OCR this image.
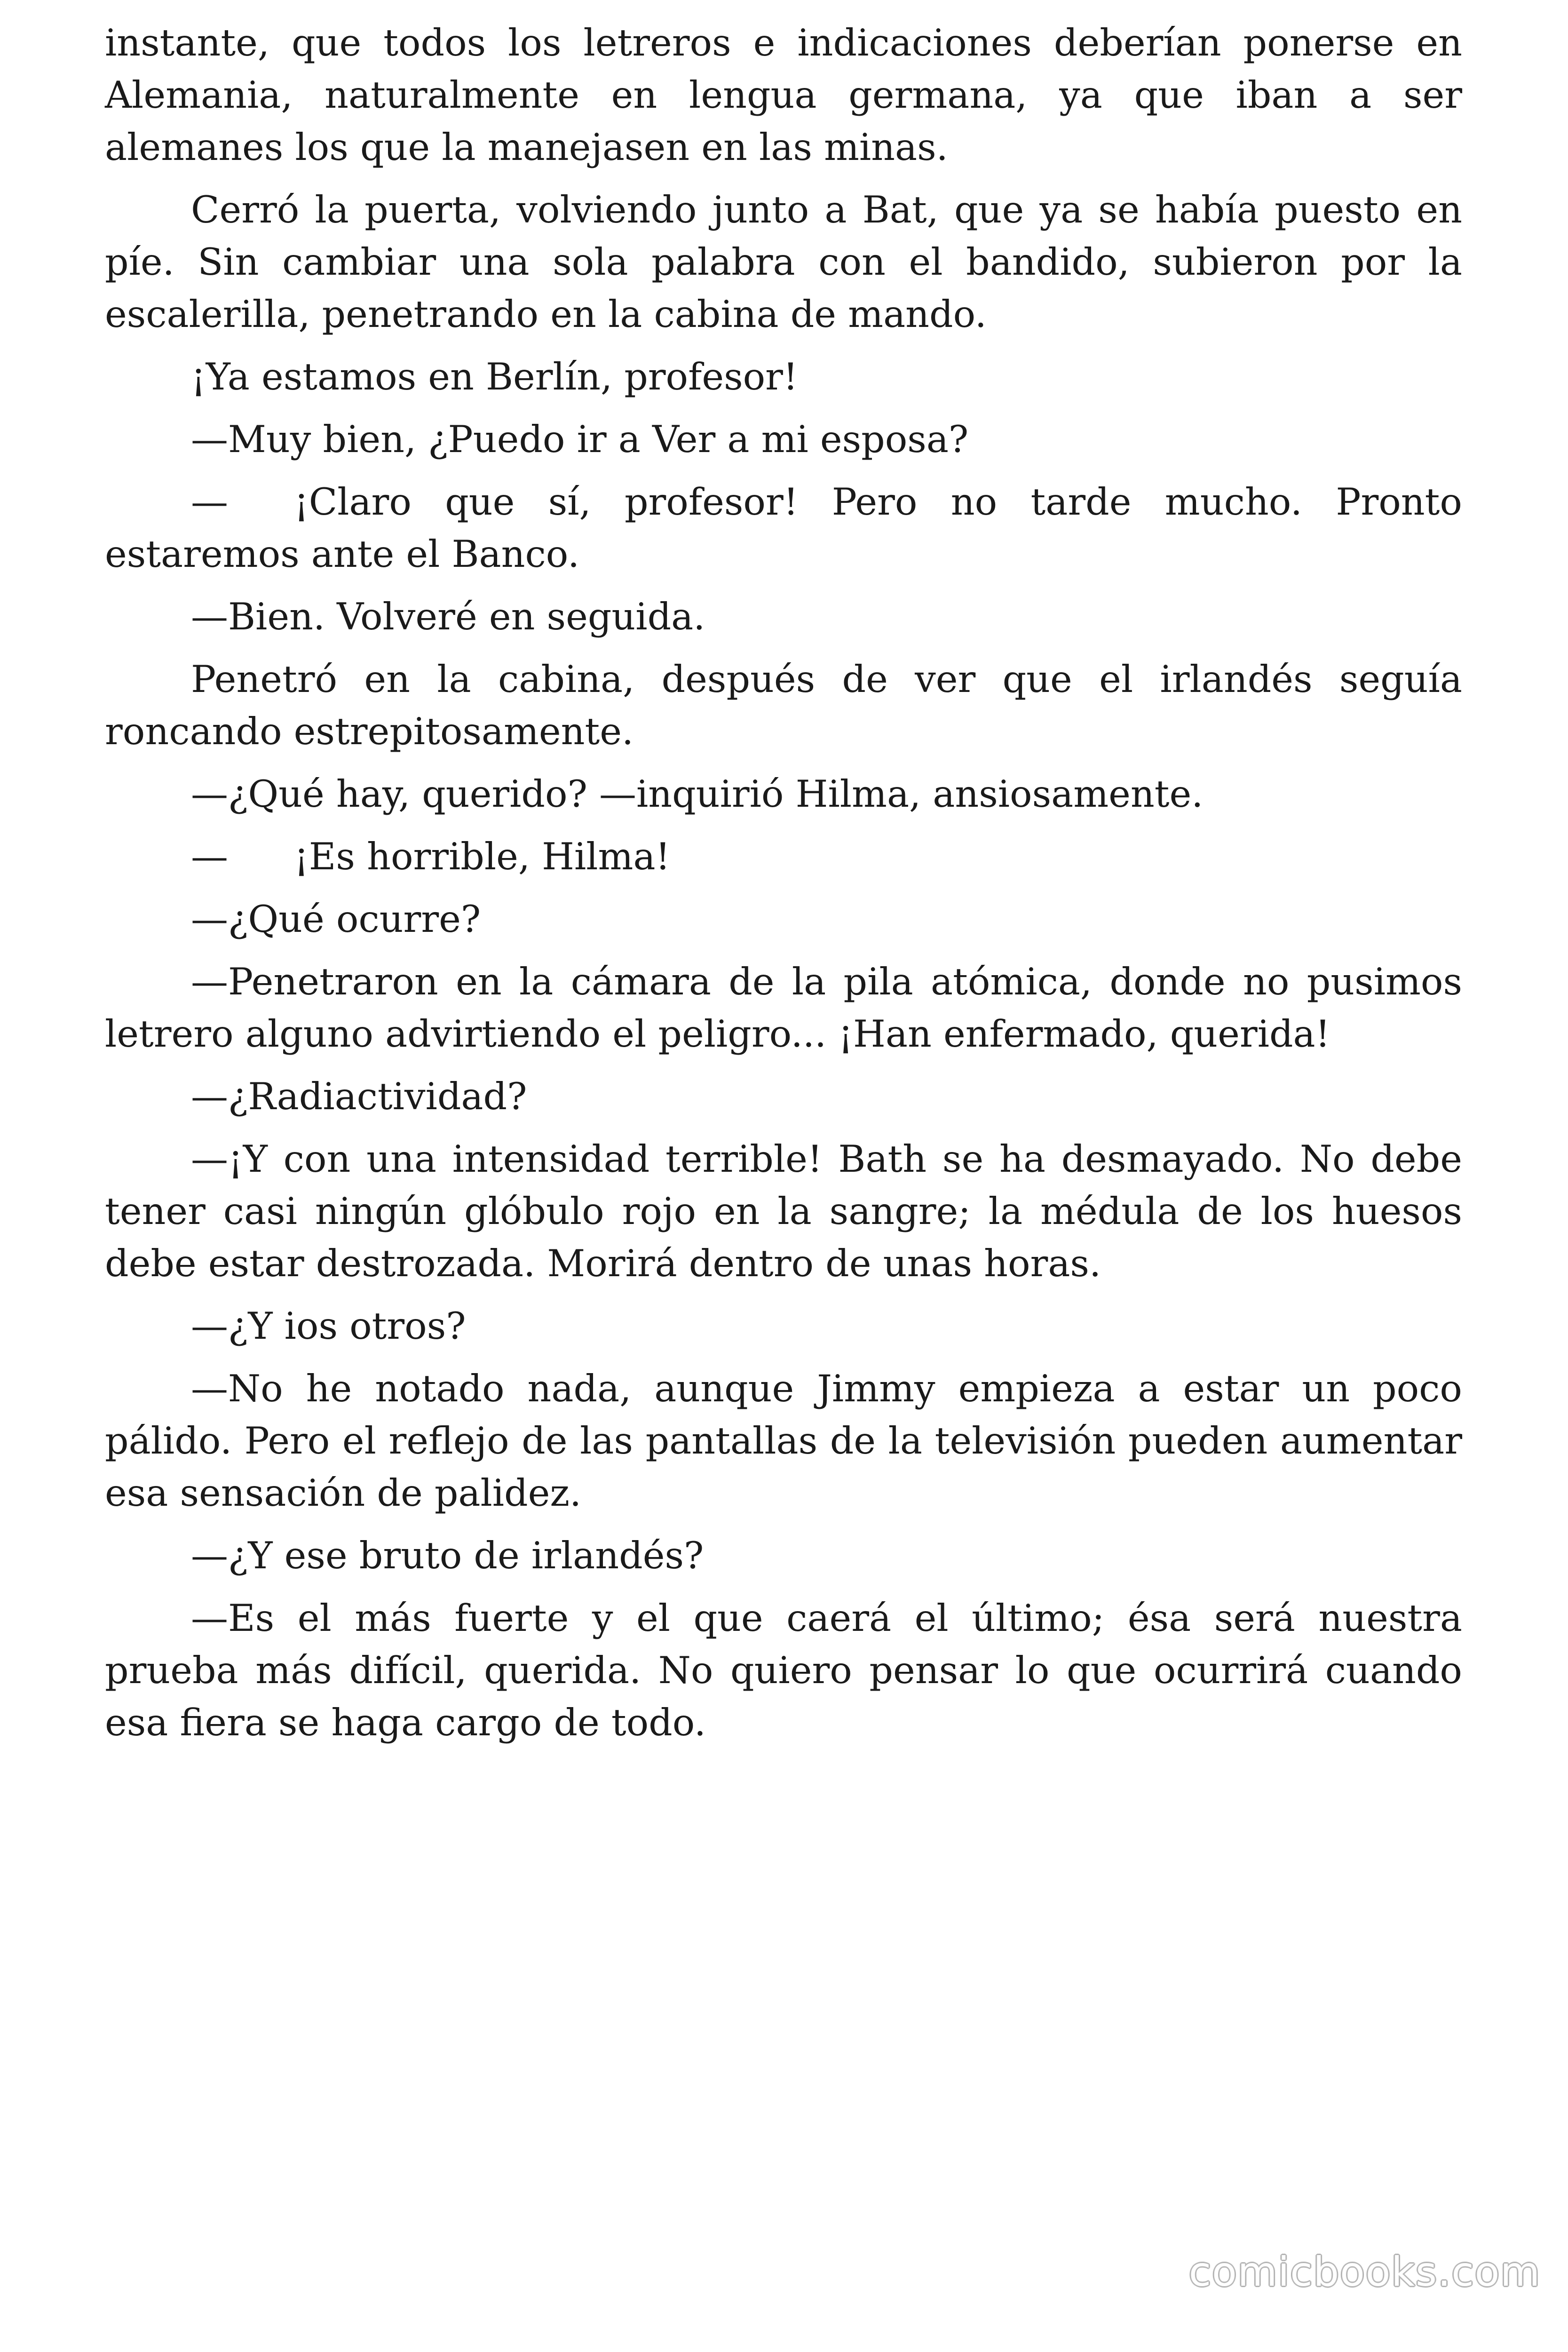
instante, que todos los letreros e indicaciones deberían ponerse en Alemania, naturalmente en lengua germana, ya que iban a ser alemanes los que la manejasen en las minas.

Cerró la puerta, volviendo junto a Bat, que ya se había puesto en píe. Sin cambiar una sola palabra con el bandido, subieron por la escalerilla, penetrando en la cabina de mando.

¡Ya estamos en Berlín, profesor!

—Muy bien, ¿Puedo ir a Ver a mi esposa?

— ¡Claro que sí, profesor! Pero no tarde mucho. Pronto estaremos ante el Banco.

—Bien. Volveré en seguida.

Penetró en la cabina, después de ver que el irlandés seguía roncando estrepitosamente.

—¿Qué hay, querido? —inquirió Hilma, ansiosamente.

— ¡Es horrible, Hilma!

—¿Qué ocurre?

—Penetraron en la cámara de la pila atómica, donde no pusimos letrero alguno advirtiendo el peligro... ¡Han enfermado, querida!

—¿Radiactividad?

—¡Y con una intensidad terrible! Bath se ha desmayado. No debe tener casi ningún glóbulo rojo en la sangre; la médula de los huesos debe estar destrozada. Morirá dentro de unas horas.

—¿Y ios otros?

—No he notado nada, aunque Jimmy empieza a estar un poco pálido. Pero el reflejo de las pantallas de la televisión pueden aumentar esa sensación de palidez.

—¿Y ese bruto de irlandés?

—Es el más fuerte y el que caerá el último; ésa será nuestra prueba más difícil, querida. No quiero pensar lo que ocurrirá cuando esa fiera se haga cargo de todo.

comicbooks.com
